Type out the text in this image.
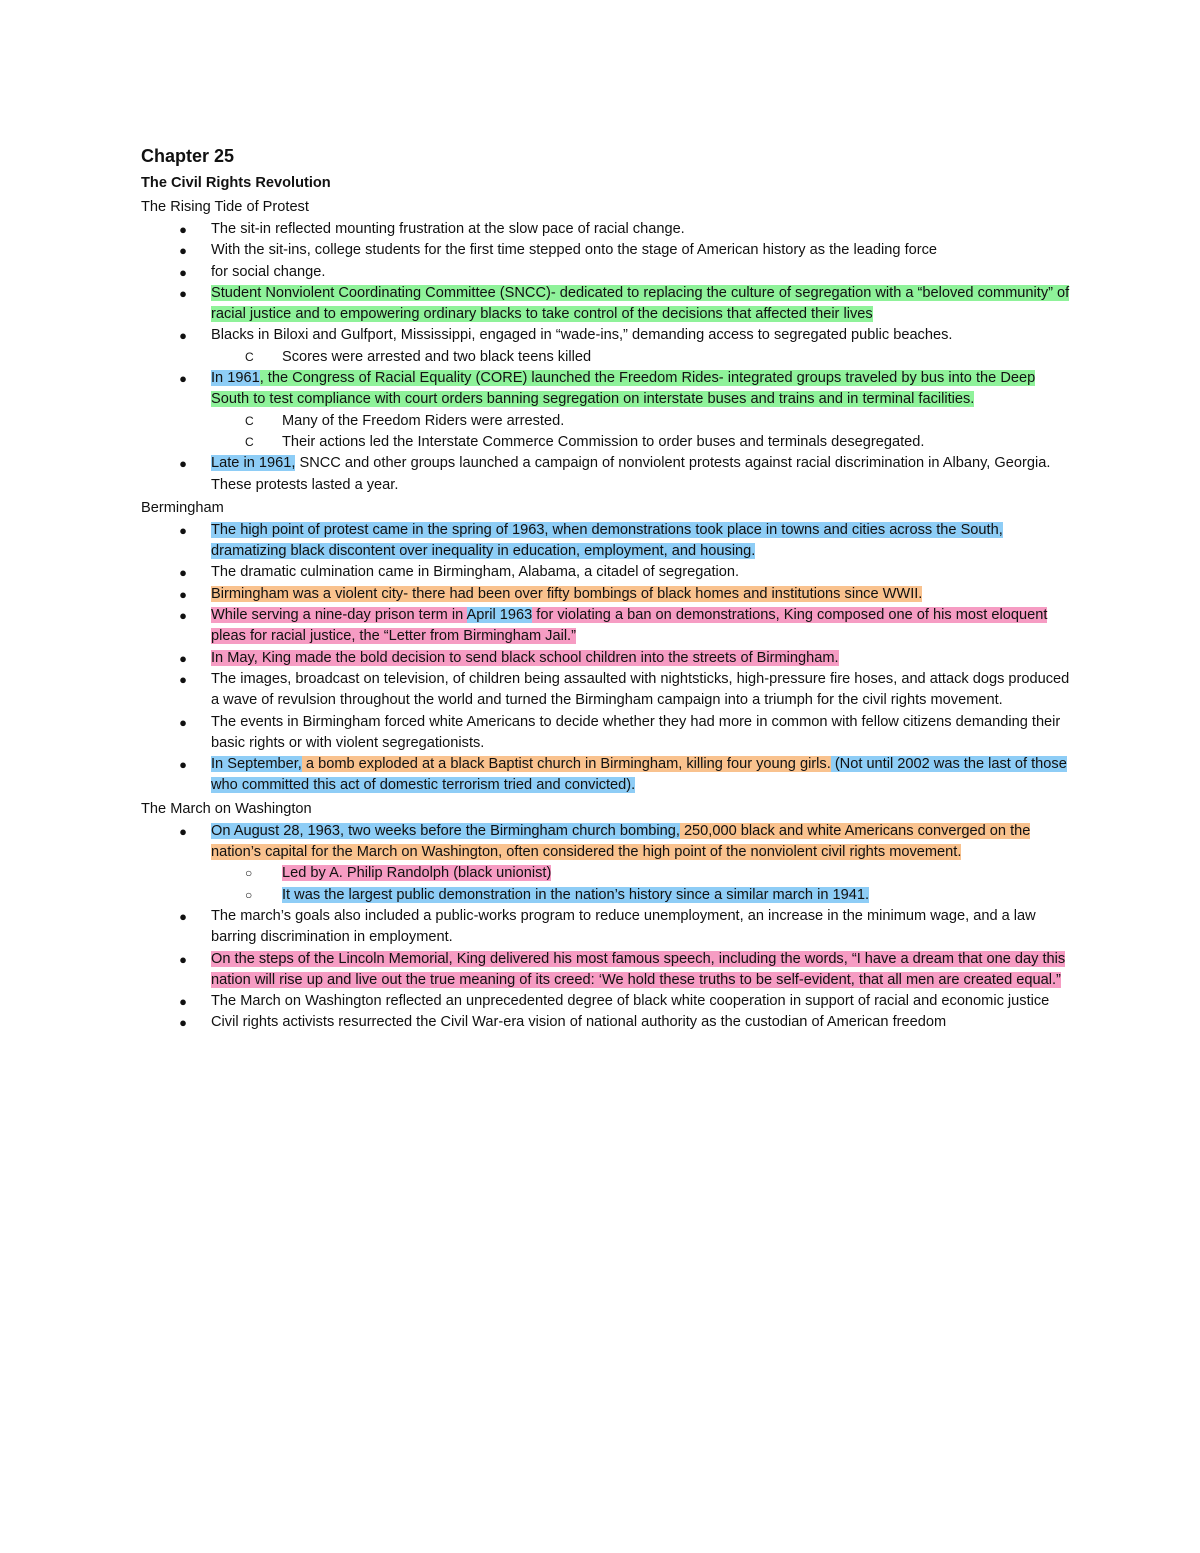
Chapter 25
The Civil Rights Revolution
The Rising Tide of Protest
● The sit-in reflected mounting frustration at the slow pace of racial change.
● With the sit-ins, college students for the first time stepped onto the stage of American history as the leading force
● for social change.
● Student Nonviolent Coordinating Committee (SNCC)- dedicated to replacing the culture of segregation with a “beloved community” of racial justice and to empowering ordinary blacks to take control of the decisions that affected their lives
● Blacks in Biloxi and Gulfport, Mississippi, engaged in “wade-ins,” demanding access to segregated public beaches.
C Scores were arrested and two black teens killed
● In 1961, the Congress of Racial Equality (CORE) launched the Freedom Rides- integrated groups traveled by bus into the Deep South to test compliance with court orders banning segregation on interstate buses and trains and in terminal facilities.
C Many of the Freedom Riders were arrested.
C Their actions led the Interstate Commerce Commission to order buses and terminals desegregated.
● Late in 1961, SNCC and other groups launched a campaign of nonviolent protests against racial discrimination in Albany, Georgia. These protests lasted a year.
Bermingham
● The high point of protest came in the spring of 1963, when demonstrations took place in towns and cities across the South, dramatizing black discontent over inequality in education, employment, and housing.
● The dramatic culmination came in Birmingham, Alabama, a citadel of segregation.
● Birmingham was a violent city- there had been over fifty bombings of black homes and institutions since WWII.
● While serving a nine-day prison term in April 1963 for violating a ban on demonstrations, King composed one of his most eloquent pleas for racial justice, the “Letter from Birmingham Jail.”
● In May, King made the bold decision to send black school children into the streets of Birmingham.
● The images, broadcast on television, of children being assaulted with nightsticks, high-pressure fire hoses, and attack dogs produced a wave of revulsion throughout the world and turned the Birmingham campaign into a triumph for the civil rights movement.
● The events in Birmingham forced white Americans to decide whether they had more in common with fellow citizens demanding their basic rights or with violent segregationists.
● In September, a bomb exploded at a black Baptist church in Birmingham, killing four young girls. (Not until 2002 was the last of those who committed this act of domestic terrorism tried and convicted).
The March on Washington
● On August 28, 1963, two weeks before the Birmingham church bombing, 250,000 black and white Americans converged on the nation’s capital for the March on Washington, often considered the high point of the nonviolent civil rights movement.
○ Led by A. Philip Randolph (black unionist)
○ It was the largest public demonstration in the nation’s history since a similar march in 1941.
● The march’s goals also included a public-works program to reduce unemployment, an increase in the minimum wage, and a law barring discrimination in employment.
● On the steps of the Lincoln Memorial, King delivered his most famous speech, including the words, “I have a dream that one day this nation will rise up and live out the true meaning of its creed: ‘We hold these truths to be self-evident, that all men are created equal.”
● The March on Washington reflected an unprecedented degree of black white cooperation in support of racial and economic justice
● Civil rights activists resurrected the Civil War-era vision of national authority as the custodian of American freedom
